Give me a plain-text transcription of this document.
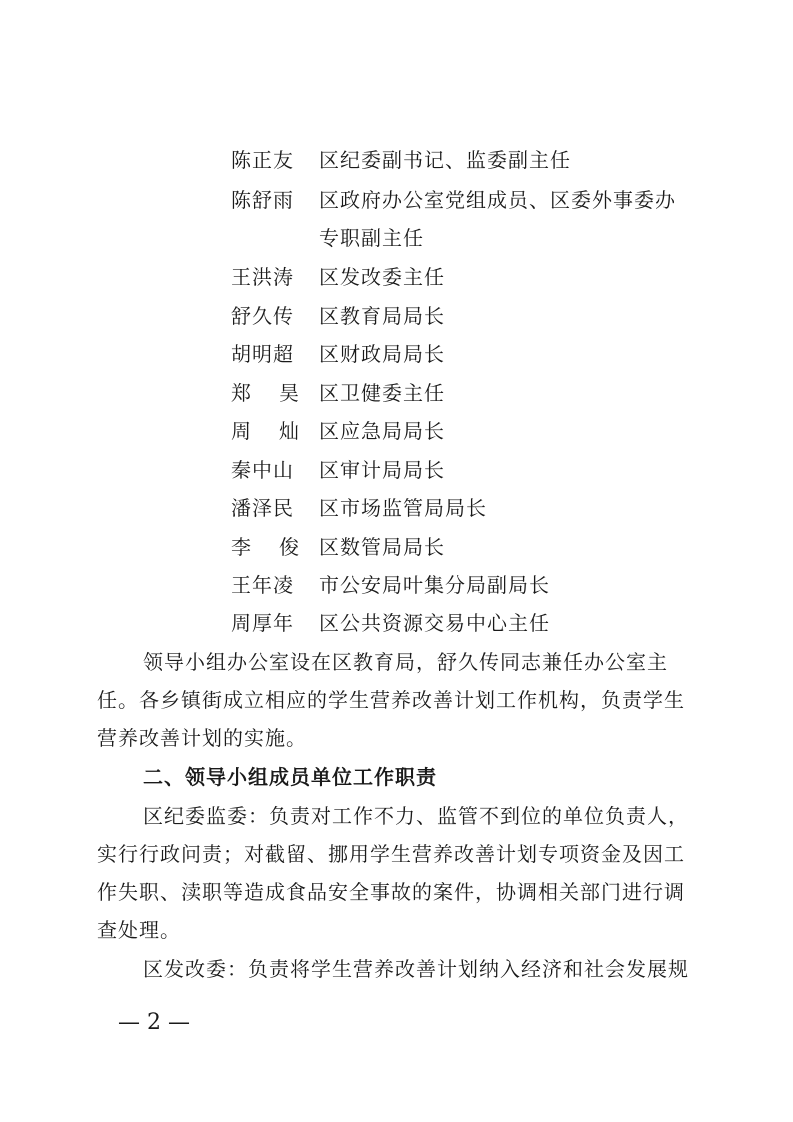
陈正友	区纪委副书记、监委副主任
陈舒雨	区政府办公室党组成员、区委外事委办
专职副主任
王洪涛	区发改委主任
舒久传	区教育局局长
胡明超	区财政局局长
郑 昊 区卫健委主任
周 灿 区应急局局长
秦中山	区审计局局长
潘泽民	区市场监管局局长
李 俊 区数管局局长
王年凌	市公安局叶集分局副局长
周厚年	区公共资源交易中心主任
领导小组办公室设在区教育局，舒久传同志兼任办公室主
任。各乡镇街成立相应的学生营养改善计划工作机构，负责学生
营养改善计划的实施。
二、领导小组成员单位工作职责
区纪委监委：负责对工作不力、监管不到位的单位负责人，
实行行政问责；对截留、挪用学生营养改善计划专项资金及因工
作失职、渎职等造成食品安全事故的案件，协调相关部门进行调
查处理。
区发改委：负责将学生营养改善计划纳入经济和社会发展规
— 2 —
